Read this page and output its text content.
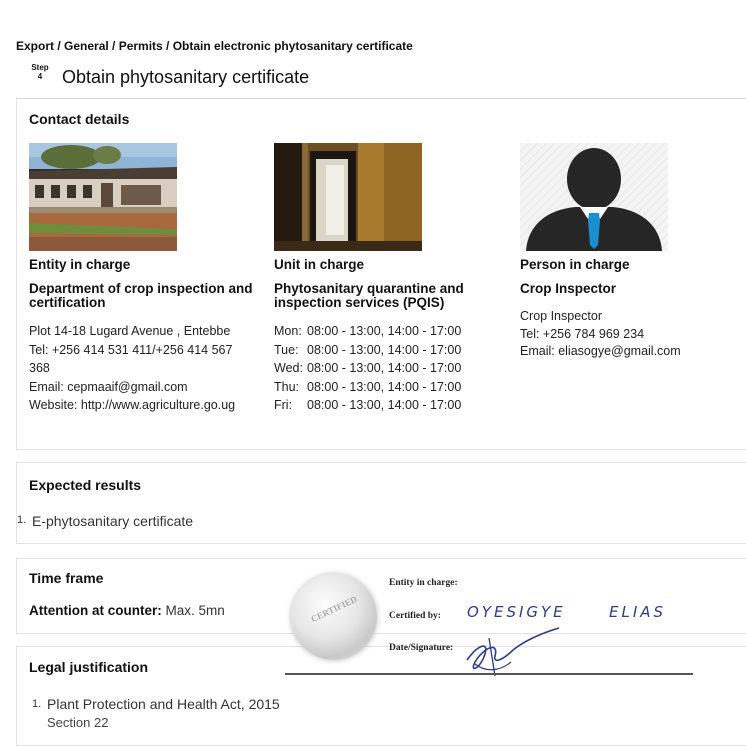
Export / General / Permits / Obtain electronic phytosanitary certificate
Step
4	Obtain phytosanitary certificate
Contact details
Entity in charge
Department of crop inspection and certification
Plot 14-18 Lugard Avenue , Entebbe
Tel: +256 414 531 411/+256 414 567
368
Email: cepmaaif@gmail.com
Website: http://www.agriculture.go.ug
Unit in charge
Phytosanitary quarantine and inspection services (PQIS)
Mon: 08:00 - 13:00, 14:00 - 17:00
Tue: 08:00 - 13:00, 14:00 - 17:00
Wed: 08:00 - 13:00, 14:00 - 17:00
Thu: 08:00 - 13:00, 14:00 - 17:00
Fri:	08:00 - 13:00, 14:00 - 17:00
Person in charge
Crop Inspector
Crop Inspector
Tel: +256 784 969 234
Email: eliasogye@gmail.com
Expected results
1. E-phytosanitary certificate
Time frame
Attention at counter: Max. 5mn
Legal justification
1. Plant Protection and Health Act, 2015
Section 22
CERTIFIED
Entity in charge:
Certified by:
Date/Signature:
OYESIGYE	ELIAS
